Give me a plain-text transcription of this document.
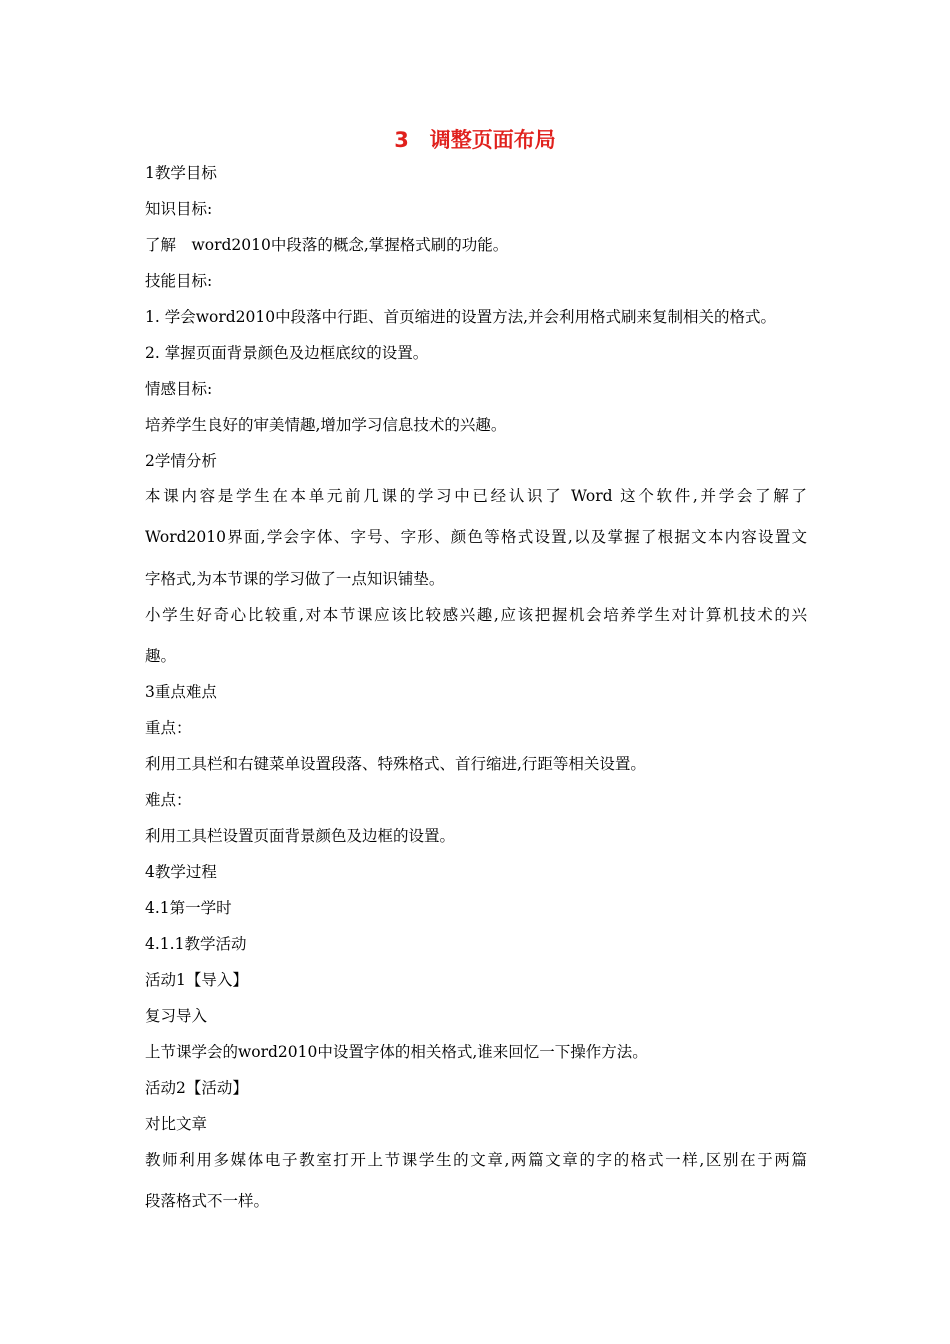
3　调整页面布局
1教学目标
知识目标:
了解　word2010中段落的概念,掌握格式刷的功能。
技能目标:
1. 学会word2010中段落中行距、首页缩进的设置方法,并会利用格式刷来复制相关的格式。
2. 掌握页面背景颜色及边框底纹的设置。
情感目标:
培养学生良好的审美情趣,增加学习信息技术的兴趣。
2学情分析
本课内容是学生在本单元前几课的学习中已经认识了 Word 这个软件,并学会了解了
Word2010界面,学会字体、字号、字形、颜色等格式设置,以及掌握了根据文本内容设置文
字格式,为本节课的学习做了一点知识铺垫。
小学生好奇心比较重,对本节课应该比较感兴趣,应该把握机会培养学生对计算机技术的兴
趣。
3重点难点
重点：
利用工具栏和右键菜单设置段落、特殊格式、首行缩进,行距等相关设置。
难点：
利用工具栏设置页面背景颜色及边框的设置。
4教学过程
4.1第一学时
4.1.1教学活动
活动1【导入】
复习导入
上节课学会的word2010中设置字体的相关格式,谁来回忆一下操作方法。
活动2【活动】
对比文章
教师利用多媒体电子教室打开上节课学生的文章,两篇文章的字的格式一样,区别在于两篇
段落格式不一样。
